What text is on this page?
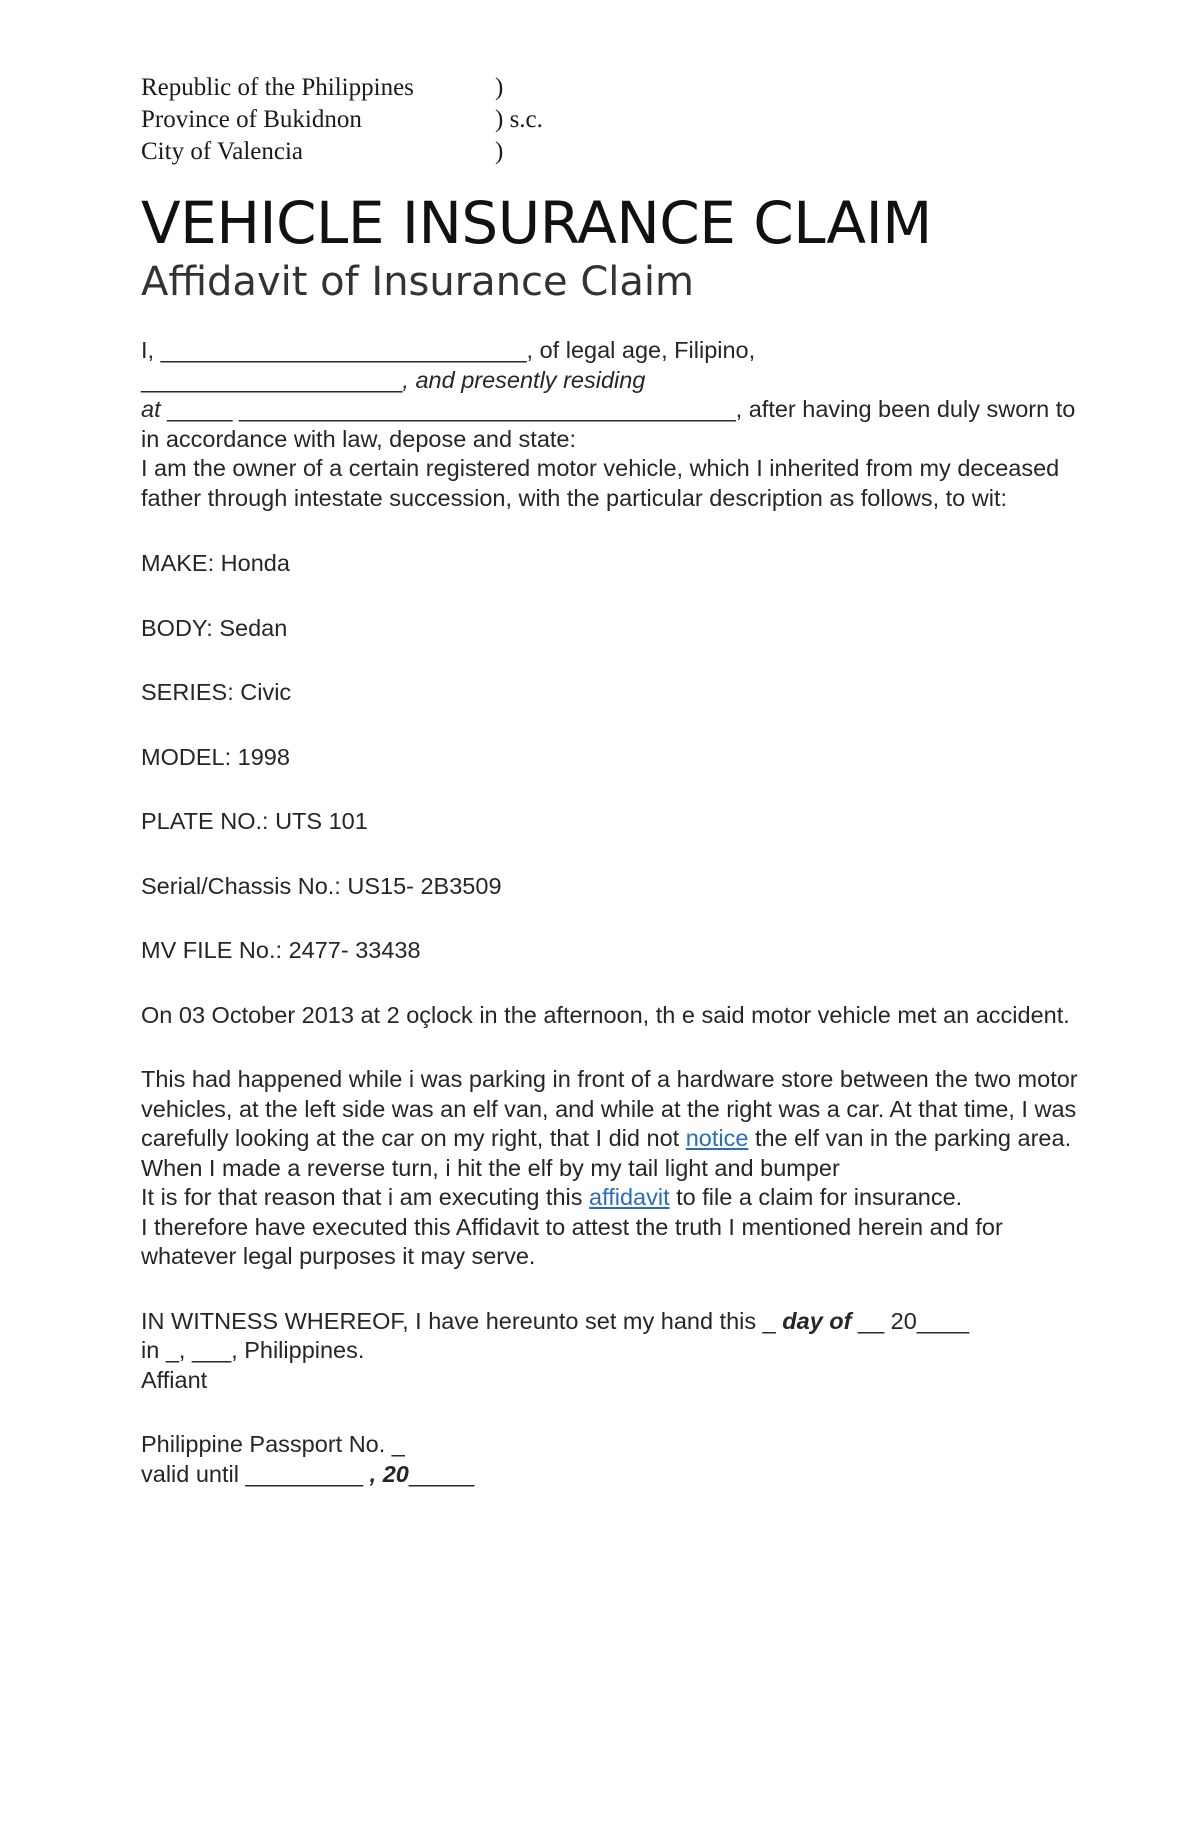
Republic of the Philippines	)
Province of Bukidnon	) s.c.
City of Valencia	)
VEHICLE INSURANCE CLAIM
Affidavit of Insurance Claim

I, ____________________________, of legal age, Filipino,

____________________, and presently residing

at _____ ______________________________________, after having been duly sworn to in accordance with law, depose and state:

I am the owner of a certain registered motor vehicle, which I inherited from my deceased father through intestate succession, with the particular description as follows, to wit:

MAKE: Honda
BODY: Sedan
SERIES: Civic
MODEL: 1998
PLATE NO.: UTS 101
Serial/Chassis No.: US15- 2B3509
MV FILE No.: 2477- 33438
On 03 October 2013 at 2 oçlock in the afternoon, th e said motor vehicle met an accident.

This had happened while i was parking in front of a hardware store between the two motor vehicles, at the left side was an elf van, and while at the right was a car. At that time, I was carefully looking at the car on my right, that I did not notice the elf van in the parking area. When I made a reverse turn, i hit the elf by my tail light and bumper

It is for that reason that i am executing this affidavit to file a claim for insurance.

I therefore have executed this Affidavit to attest the truth I mentioned herein and for whatever legal purposes it may serve.

IN WITNESS WHEREOF, I have hereunto set my hand this _ day of __ 20____

in _, ___, Philippines.

Affiant

Philippine Passport No. _

valid until _________ , 20_____
